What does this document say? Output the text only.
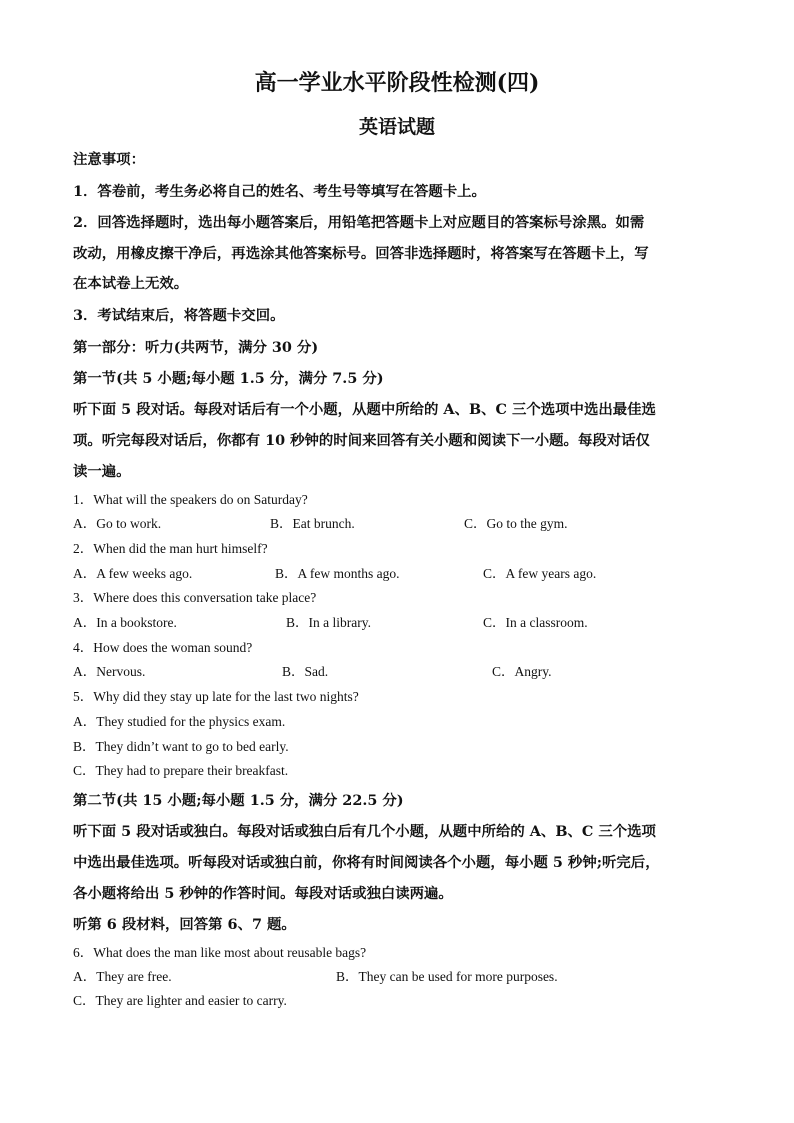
高一学业水平阶段性检测(四)
英语试题
注意事项：
1．答卷前，考生务必将自己的姓名、考生号等填写在答题卡上。
2．回答选择题时，选出每小题答案后，用铅笔把答题卡上对应题目的答案标号涂黑。如需
改动，用橡皮擦干净后，再选涂其他答案标号。回答非选择题时，将答案写在答题卡上，写
在本试卷上无效。
3．考试结束后，将答题卡交回。
第一部分：听力(共两节，满分 30 分)
第一节(共 5 小题;每小题 1.5 分，满分 7.5 分)
听下面 5 段对话。每段对话后有一个小题，从题中所给的 A、B、C 三个选项中选出最佳选
项。听完每段对话后，你都有 10 秒钟的时间来回答有关小题和阅读下一小题。每段对话仅
读一遍。
1．What will the speakers do on Saturday?
A．Go to work.	B．Eat brunch.	C．Go to the gym.
2．When did the man hurt himself?
A．A few weeks ago.	B．A few months ago.	C．A few years ago.
3．Where does this conversation take place?
A．In a bookstore.	B．In a library.	C．In a classroom.
4．How does the woman sound?
A．Nervous.	B．Sad.	C．Angry.
5．Why did they stay up late for the last two nights?
A．They studied for the physics exam.
B．They didn’t want to go to bed early.
C．They had to prepare their breakfast.
第二节(共 15 小题;每小题 1.5 分，满分 22.5 分)
听下面 5 段对话或独白。每段对话或独白后有几个小题，从题中所给的 A、B、C 三个选项
中选出最佳选项。听每段对话或独白前，你将有时间阅读各个小题，每小题 5 秒钟;听完后，
各小题将给出 5 秒钟的作答时间。每段对话或独白读两遍。
听第 6 段材料，回答第 6、7 题。
6．What does the man like most about reusable bags?
A．They are free.	B．They can be used for more purposes.
C．They are lighter and easier to carry.
